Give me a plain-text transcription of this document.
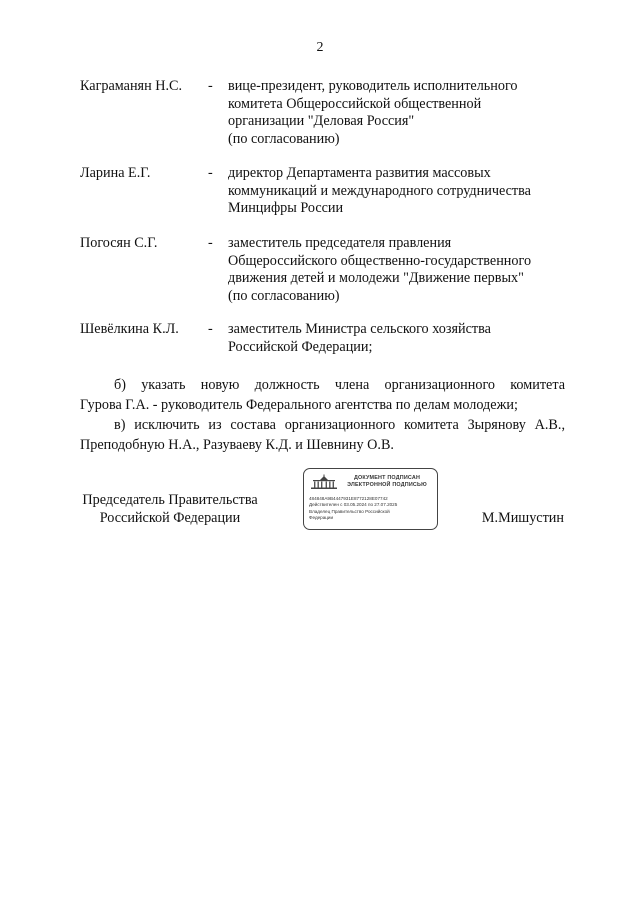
2
Каграманян Н.С. - вице-президент, руководитель исполнительного
комитета Общероссийской общественной
организации "Деловая Россия"
(по согласованию)
Ларина Е.Г.	- директор Департамента развития массовых
коммуникаций и международного сотрудничества
Минцифры России
Погосян С.Г.	- заместитель председателя правления
Общероссийского общественно-государственного
движения детей и молодежи "Движение первых"
(по согласованию)
Шевёлкина К.Л. - заместитель Министра сельского хозяйства
Российской Федерации;
б) указать новую должность члена организационного комитета
Гурова Г.А. - руководитель Федерального агентства по делам молодежи;
в) исключить из состава организационного комитета Зырянову А.В.,
Преподобную Н.А., Разуваеву К.Д. и Шевнину О.В.
Председатель Правительства
Российской Федерации
ДОКУМЕНТ ПОДПИСАН
ЭЛЕКТРОННОЙ ПОДПИСЬЮ
484848A9B4447931E8772128E07742
Действителен с 03.05.2024 по 27.07.2025
Владелец Правительство Российской
Федерации	М.Мишустин
